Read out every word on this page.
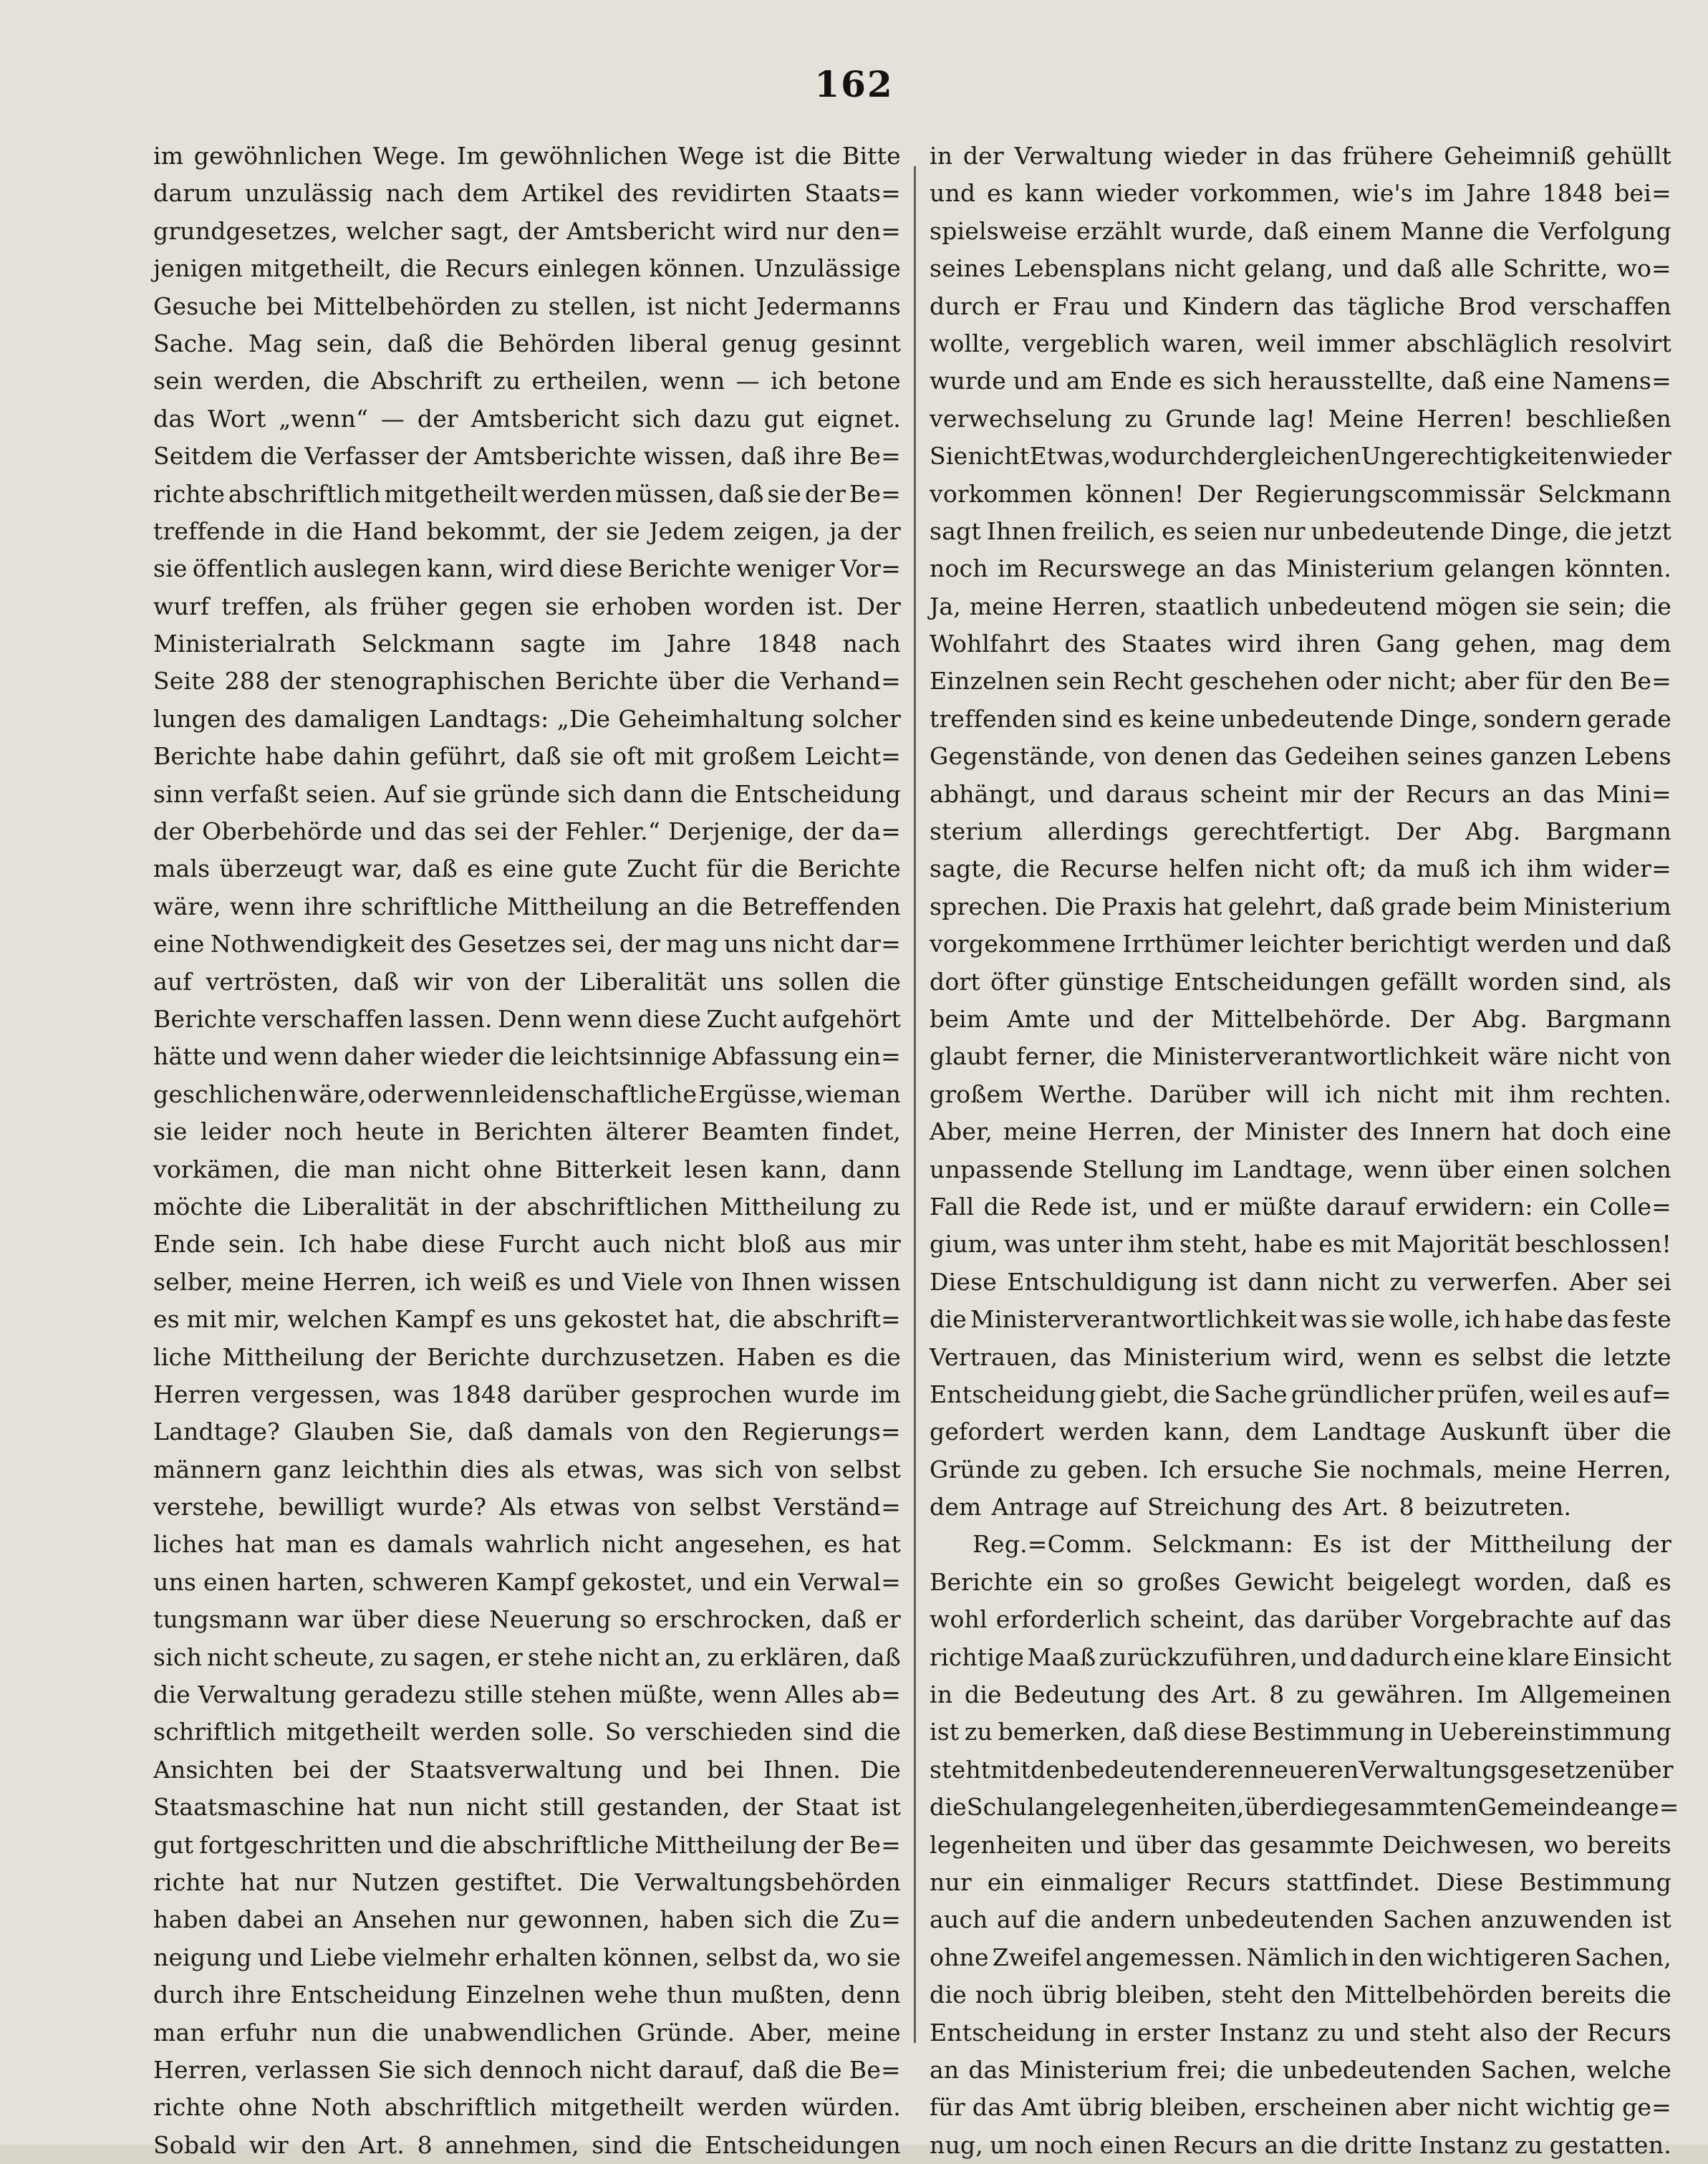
162
im gewöhnlichen Wege. Im gewöhnlichen Wege ist die Bitte
darum unzulässig nach dem Artikel des revidirten Staats=
grundgesetzes, welcher sagt, der Amtsbericht wird nur den=
jenigen mitgetheilt, die Recurs einlegen können. Unzulässige
Gesuche bei Mittelbehörden zu stellen, ist nicht Jedermanns
Sache. Mag sein, daß die Behörden liberal genug gesinnt
sein werden, die Abschrift zu ertheilen, wenn — ich betone
das Wort „wenn“ — der Amtsbericht sich dazu gut eignet.
Seitdem die Verfasser der Amtsberichte wissen, daß ihre Be=
richte abschriftlich mitgetheilt werden müssen, daß sie der Be=
treffende in die Hand bekommt, der sie Jedem zeigen, ja der
sie öffentlich auslegen kann, wird diese Berichte weniger Vor=
wurf treffen, als früher gegen sie erhoben worden ist. Der
Ministerialrath Selckmann sagte im Jahre 1848 nach
Seite 288 der stenographischen Berichte über die Verhand=
lungen des damaligen Landtags: „Die Geheimhaltung solcher
Berichte habe dahin geführt, daß sie oft mit großem Leicht=
sinn verfaßt seien. Auf sie gründe sich dann die Entscheidung
der Oberbehörde und das sei der Fehler.“ Derjenige, der da=
mals überzeugt war, daß es eine gute Zucht für die Berichte
wäre, wenn ihre schriftliche Mittheilung an die Betreffenden
eine Nothwendigkeit des Gesetzes sei, der mag uns nicht dar=
auf vertrösten, daß wir von der Liberalität uns sollen die
Berichte verschaffen lassen. Denn wenn diese Zucht aufgehört
hätte und wenn daher wieder die leichtsinnige Abfassung ein=
geschlichen wäre, oder wenn leidenschaftliche Ergüsse, wie man
sie leider noch heute in Berichten älterer Beamten findet,
vorkämen, die man nicht ohne Bitterkeit lesen kann, dann
möchte die Liberalität in der abschriftlichen Mittheilung zu
Ende sein. Ich habe diese Furcht auch nicht bloß aus mir
selber, meine Herren, ich weiß es und Viele von Ihnen wissen
es mit mir, welchen Kampf es uns gekostet hat, die abschrift=
liche Mittheilung der Berichte durchzusetzen. Haben es die
Herren vergessen, was 1848 darüber gesprochen wurde im
Landtage? Glauben Sie, daß damals von den Regierungs=
männern ganz leichthin dies als etwas, was sich von selbst
verstehe, bewilligt wurde? Als etwas von selbst Verständ=
liches hat man es damals wahrlich nicht angesehen, es hat
uns einen harten, schweren Kampf gekostet, und ein Verwal=
tungsmann war über diese Neuerung so erschrocken, daß er
sich nicht scheute, zu sagen, er stehe nicht an, zu erklären, daß
die Verwaltung geradezu stille stehen müßte, wenn Alles ab=
schriftlich mitgetheilt werden solle. So verschieden sind die
Ansichten bei der Staatsverwaltung und bei Ihnen. Die
Staatsmaschine hat nun nicht still gestanden, der Staat ist
gut fortgeschritten und die abschriftliche Mittheilung der Be=
richte hat nur Nutzen gestiftet. Die Verwaltungsbehörden
haben dabei an Ansehen nur gewonnen, haben sich die Zu=
neigung und Liebe vielmehr erhalten können, selbst da, wo sie
durch ihre Entscheidung Einzelnen wehe thun mußten, denn
man erfuhr nun die unabwendlichen Gründe. Aber, meine
Herren, verlassen Sie sich dennoch nicht darauf, daß die Be=
richte ohne Noth abschriftlich mitgetheilt werden würden.
Sobald wir den Art. 8 annehmen, sind die Entscheidungen
in der Verwaltung wieder in das frühere Geheimniß gehüllt
und es kann wieder vorkommen, wie's im Jahre 1848 bei=
spielsweise erzählt wurde, daß einem Manne die Verfolgung
seines Lebensplans nicht gelang, und daß alle Schritte, wo=
durch er Frau und Kindern das tägliche Brod verschaffen
wollte, vergeblich waren, weil immer abschläglich resolvirt
wurde und am Ende es sich herausstellte, daß eine Namens=
verwechselung zu Grunde lag! Meine Herren! beschließen
Sie nicht Etwas, wodurch dergleichen Ungerechtigkeiten wieder
vorkommen können! Der Regierungscommissär Selckmann
sagt Ihnen freilich, es seien nur unbedeutende Dinge, die jetzt
noch im Recurswege an das Ministerium gelangen könnten.
Ja, meine Herren, staatlich unbedeutend mögen sie sein; die
Wohlfahrt des Staates wird ihren Gang gehen, mag dem
Einzelnen sein Recht geschehen oder nicht; aber für den Be=
treffenden sind es keine unbedeutende Dinge, sondern gerade
Gegenstände, von denen das Gedeihen seines ganzen Lebens
abhängt, und daraus scheint mir der Recurs an das Mini=
sterium allerdings gerechtfertigt. Der Abg. Bargmann
sagte, die Recurse helfen nicht oft; da muß ich ihm wider=
sprechen. Die Praxis hat gelehrt, daß grade beim Ministerium
vorgekommene Irrthümer leichter berichtigt werden und daß
dort öfter günstige Entscheidungen gefällt worden sind, als
beim Amte und der Mittelbehörde. Der Abg. Bargmann
glaubt ferner, die Ministerverantwortlichkeit wäre nicht von
großem Werthe. Darüber will ich nicht mit ihm rechten.
Aber, meine Herren, der Minister des Innern hat doch eine
unpassende Stellung im Landtage, wenn über einen solchen
Fall die Rede ist, und er müßte darauf erwidern: ein Colle=
gium, was unter ihm steht, habe es mit Majorität beschlossen!
Diese Entschuldigung ist dann nicht zu verwerfen. Aber sei
die Ministerverantwortlichkeit was sie wolle, ich habe das feste
Vertrauen, das Ministerium wird, wenn es selbst die letzte
Entscheidung giebt, die Sache gründlicher prüfen, weil es auf=
gefordert werden kann, dem Landtage Auskunft über die
Gründe zu geben. Ich ersuche Sie nochmals, meine Herren,
dem Antrage auf Streichung des Art. 8 beizutreten.
Reg.=Comm. Selckmann: Es ist der Mittheilung der
Berichte ein so großes Gewicht beigelegt worden, daß es
wohl erforderlich scheint, das darüber Vorgebrachte auf das
richtige Maaß zurückzuführen, und dadurch eine klare Einsicht
in die Bedeutung des Art. 8 zu gewähren. Im Allgemeinen
ist zu bemerken, daß diese Bestimmung in Uebereinstimmung
steht mit den bedeutenderen neueren Verwaltungsgesetzen über
die Schulangelegenheiten, über die gesammten Gemeindeange=
legenheiten und über das gesammte Deichwesen, wo bereits
nur ein einmaliger Recurs stattfindet. Diese Bestimmung
auch auf die andern unbedeutenden Sachen anzuwenden ist
ohne Zweifel angemessen. Nämlich in den wichtigeren Sachen,
die noch übrig bleiben, steht den Mittelbehörden bereits die
Entscheidung in erster Instanz zu und steht also der Recurs
an das Ministerium frei; die unbedeutenden Sachen, welche
für das Amt übrig bleiben, erscheinen aber nicht wichtig ge=
nug, um noch einen Recurs an die dritte Instanz zu gestatten.
